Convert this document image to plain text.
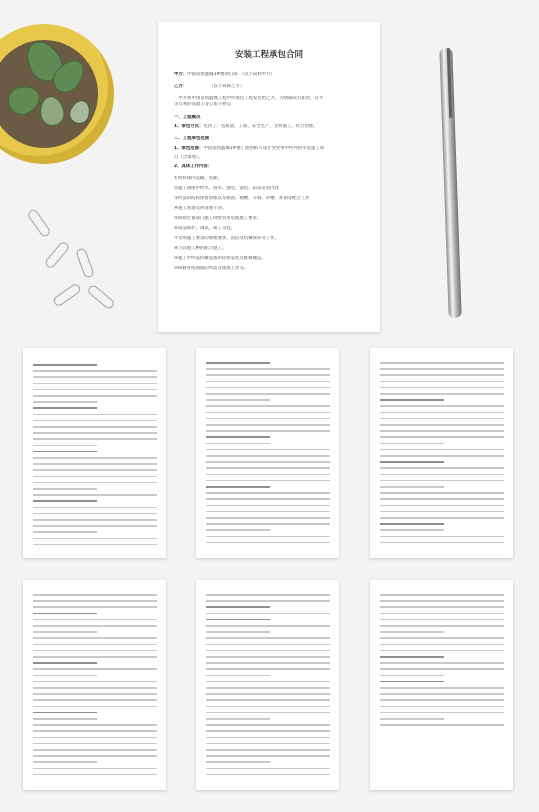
安装工程承包合同
甲方：中国姿凯鑫城3#楼项目部　（以下简称甲方）
乙方：　　　　　　（以下简称乙方）
　甲方将中国姿凯鑫城工程中所承包工程发包给乙方，为明确双方职责，在平
等互利的基础上签订如下协议：
一、工程概况
1、承包方式：包清工：包质量、工期、安全生产、文明施工、综合治理。
二、工程承包范围
1、承包范围：中国姿凯鑫城3#楼工程图纸与设计变更单中所列的水电施工项
目（含预埋）。
2、具体工作内容：
①材料场内运输、装卸。
②施工图纸中给水、排水、强电、弱电、防雷安装内容
③所需的结构预留预埋以及剔凿、剔槽、开洞、补槽、补洞等配合工作
④施工现场及时清理干净。
⑤协助计量部门施工时配管用电或施工要求。
⑥成品保护，调试，竣工交验。
⑦文明施工要求的场地要求，清洁及机械保养等工作。
⑧与其他工种的配合施工。
⑨施工中所需机械设备的进场安装及维修搬运。
⑩保修育成期间的所需及现场工作等。
